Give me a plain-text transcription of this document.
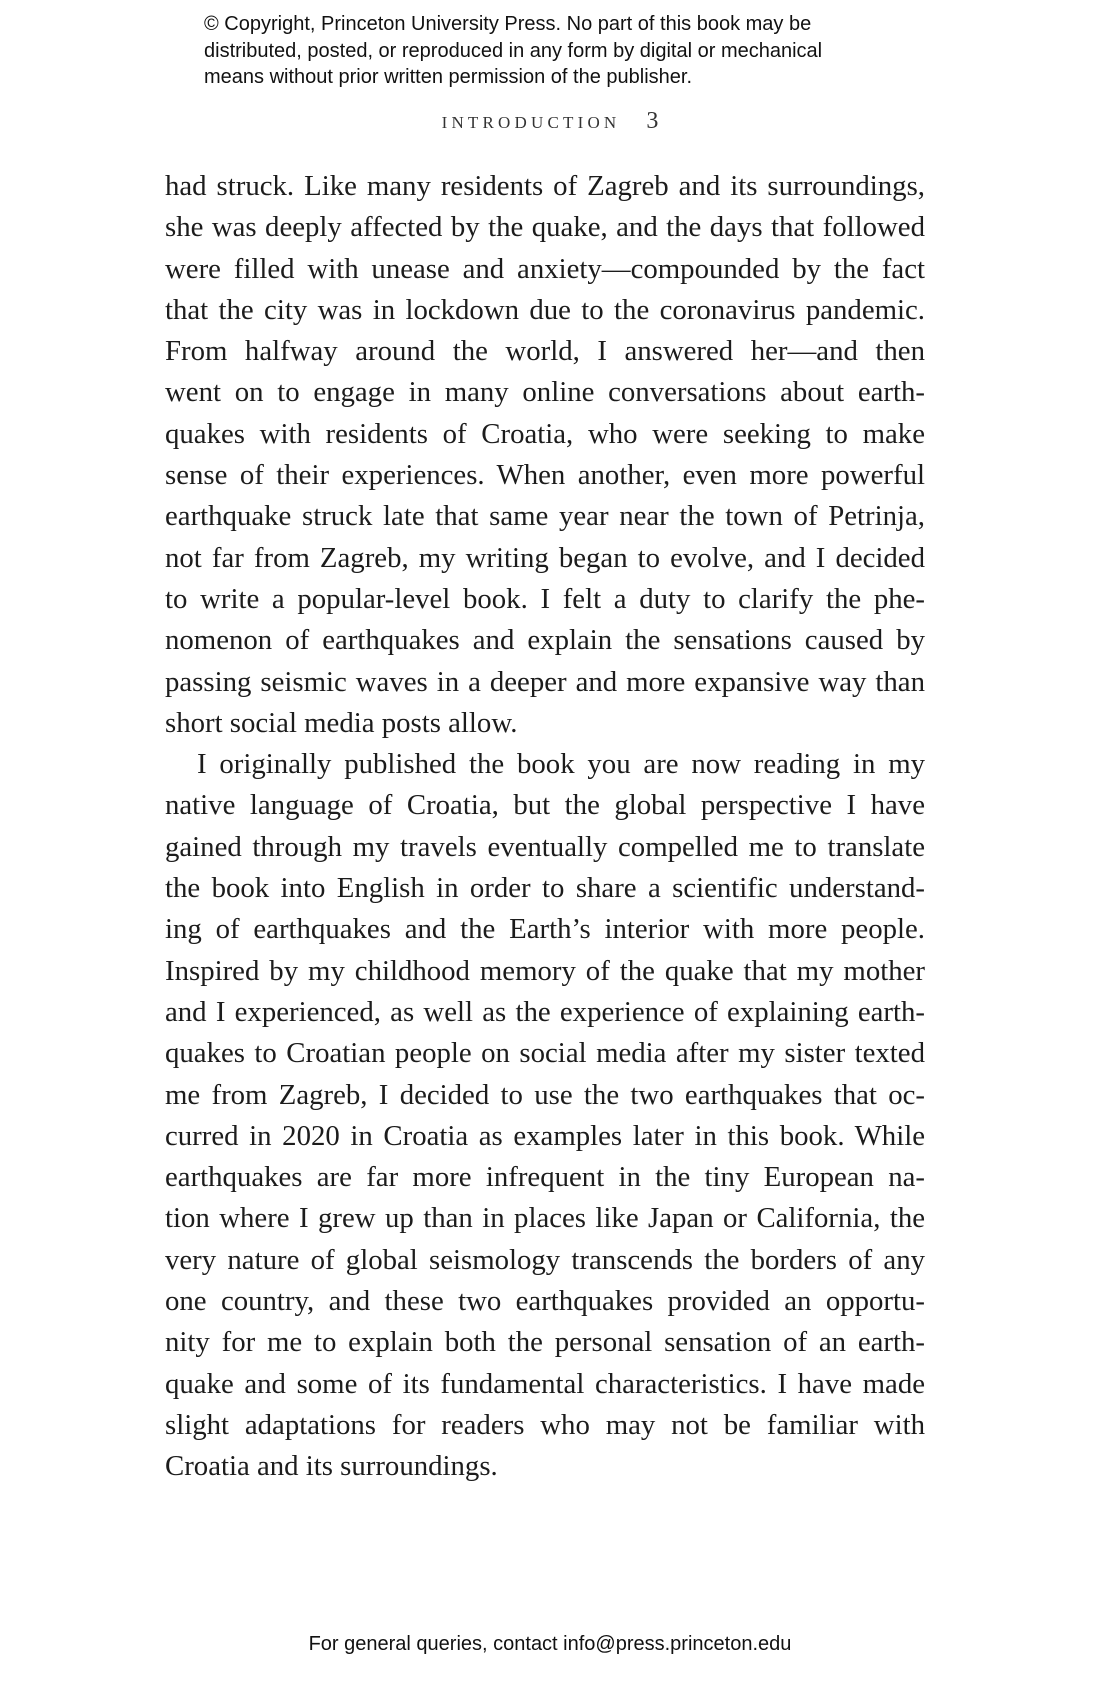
© Copyright, Princeton University Press. No part of this book may be
distributed, posted, or reproduced in any form by digital or mechanical
means without prior written permission of the publisher.
INTRODUCTION 3
had struck. Like many residents of Zagreb and its surroundings,
she was deeply affected by the quake, and the days that followed
were filled with unease and anxiety—compounded by the fact
that the city was in lockdown due to the coronavirus pandemic.
From halfway around the world, I answered her—and then
went on to engage in many online conversations about earth-
quakes with residents of Croatia, who were seeking to make
sense of their experiences. When another, even more powerful
earthquake struck late that same year near the town of Petrinja,
not far from Zagreb, my writing began to evolve, and I decided
to write a popular-level book. I felt a duty to clarify the phe-
nomenon of earthquakes and explain the sensations caused by
passing seismic waves in a deeper and more expansive way than
short social media posts allow.
I originally published the book you are now reading in my
native language of Croatia, but the global perspective I have
gained through my travels eventually compelled me to translate
the book into English in order to share a scientific understand-
ing of earthquakes and the Earth’s interior with more people.
Inspired by my childhood memory of the quake that my mother
and I experienced, as well as the experience of explaining earth-
quakes to Croatian people on social media after my sister texted
me from Zagreb, I decided to use the two earthquakes that oc-
curred in 2020 in Croatia as examples later in this book. While
earthquakes are far more infrequent in the tiny European na-
tion where I grew up than in places like Japan or California, the
very nature of global seismology transcends the borders of any
one country, and these two earthquakes provided an opportu-
nity for me to explain both the personal sensation of an earth-
quake and some of its fundamental characteristics. I have made
slight adaptations for readers who may not be familiar with
Croatia and its surroundings.
For general queries, contact info@press.princeton.edu
